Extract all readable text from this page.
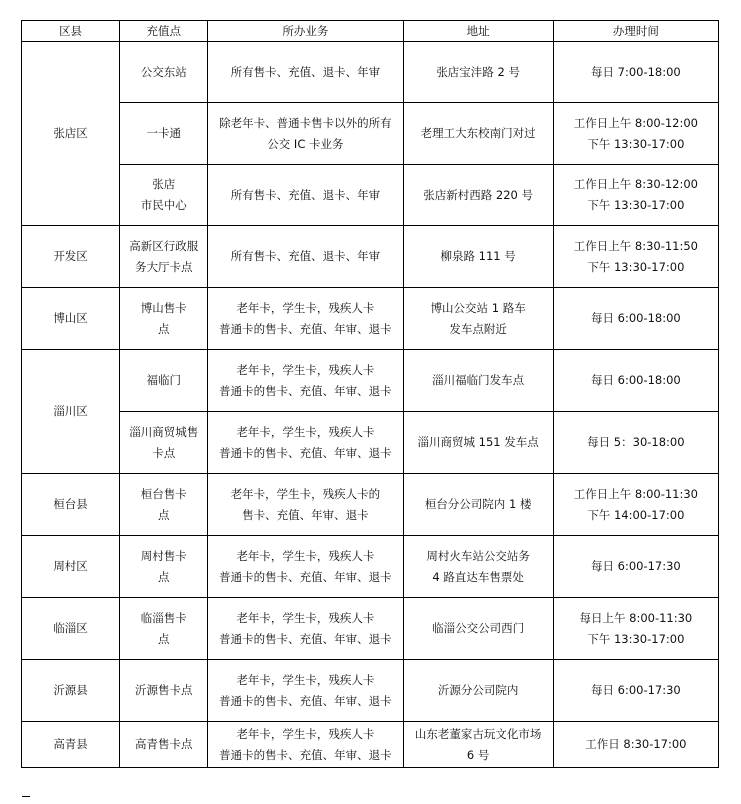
区县	充值点	所办业务	地址	办理时间
张店区	公交东站	所有售卡、充值、退卡、年审	张店宝沣路 2 号	每日 7:00-18:00

	一卡通	除老年卡、普通卡售卡以外的所有
公交 IC 卡业务	老理工大东校南门对过	工作日上午 8:00-12:00
下午 13:30-17:00

	张店
市民中心	所有售卡、充值、退卡、年审	张店新村西路 220 号	工作日上午 8:30-12:00
下午 13:30-17:00

开发区	高新区行政服
务大厅卡点	所有售卡、充值、退卡、年审	柳泉路 111 号	工作日上午 8:30-11:50
下午 13:30-17:00

博山区	博山售卡
点	老年卡，学生卡，残疾人卡
普通卡的售卡、充值、年审、退卡	博山公交站 1 路车
发车点附近	每日 6:00-18:00

淄川区	福临门	老年卡，学生卡，残疾人卡
普通卡的售卡、充值、年审、退卡	淄川福临门发车点	每日 6:00-18:00

	淄川商贸城售
卡点	老年卡，学生卡，残疾人卡
普通卡的售卡、充值、年审、退卡	淄川商贸城 151 发车点	每日 5：30-18:00

桓台县	桓台售卡
点	老年卡，学生卡，残疾人卡的
售卡、充值、年审、退卡	桓台分公司院内 1 楼	工作日上午 8:00-11:30
下午 14:00-17:00

周村区	周村售卡
点	老年卡，学生卡，残疾人卡
普通卡的售卡、充值、年审、退卡	周村火车站公交站务
4 路直达车售票处	每日 6:00-17:30

临淄区	临淄售卡
点	老年卡，学生卡，残疾人卡
普通卡的售卡、充值、年审、退卡	临淄公交公司西门	每日上午 8:00-11:30
下午 13:30-17:00

沂源县	沂源售卡点	老年卡，学生卡，残疾人卡
普通卡的售卡、充值、年审、退卡	沂源分公司院内	每日 6:00-17:30

高青县	高青售卡点	老年卡，学生卡，残疾人卡
普通卡的售卡、充值、年审、退卡	山东老董家古玩文化市场
6 号	工作日 8:30-17:00
